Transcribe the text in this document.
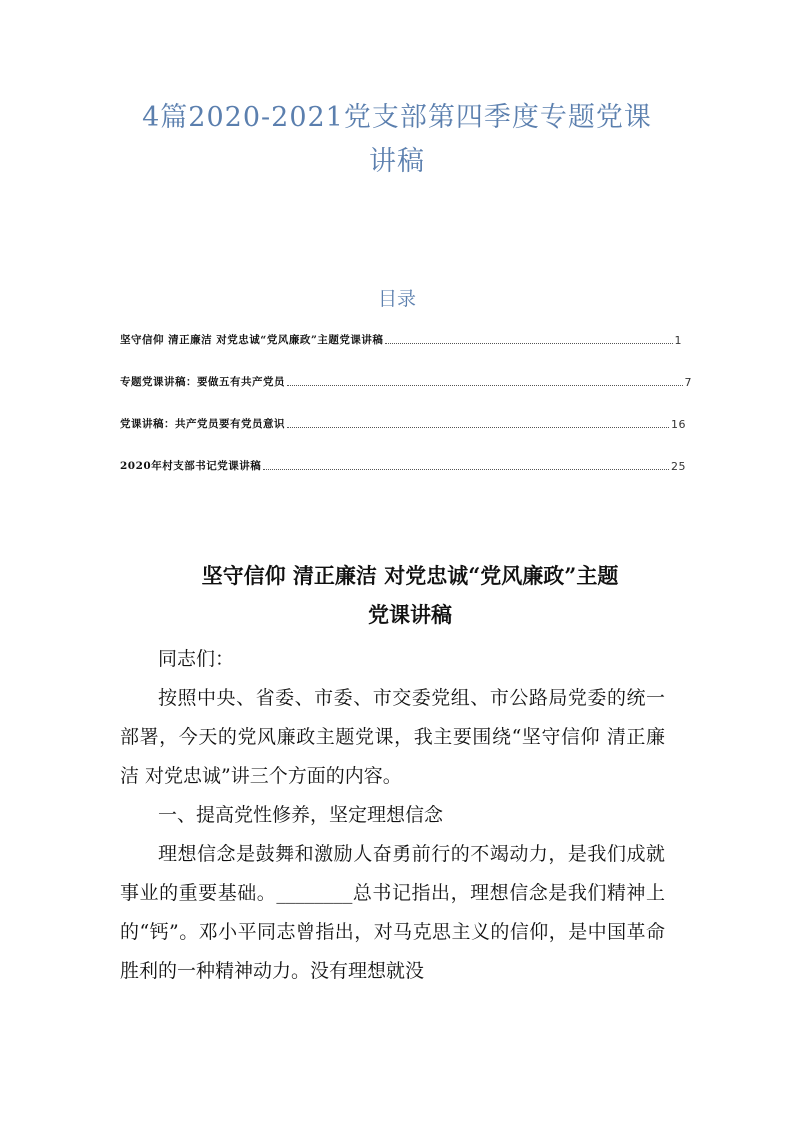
4篇2020-2021党支部第四季度专题党课
讲稿
目录
坚守信仰 清正廉洁 对党忠诚“党风廉政”主题党课讲稿	1
专题党课讲稿：要做五有共产党员	7
党课讲稿：共产党员要有党员意识	16
2020年村支部书记党课讲稿	25
坚守信仰 清正廉洁 对党忠诚“党风廉政”主题
党课讲稿

同志们：

按照中央、省委、市委、市交委党组、市公路局党委的统一部署，今天的党风廉政主题党课，我主要围绕“坚守信仰 清正廉洁 对党忠诚”讲三个方面的内容。

一、提高党性修养，坚定理想信念

理想信念是鼓舞和激励人奋勇前行的不竭动力，是我们成就事业的重要基础。________总书记指出，理想信念是我们精神上的“钙”。邓小平同志曾指出，对马克思主义的信仰，是中国革命胜利的一种精神动力。没有理想就没
